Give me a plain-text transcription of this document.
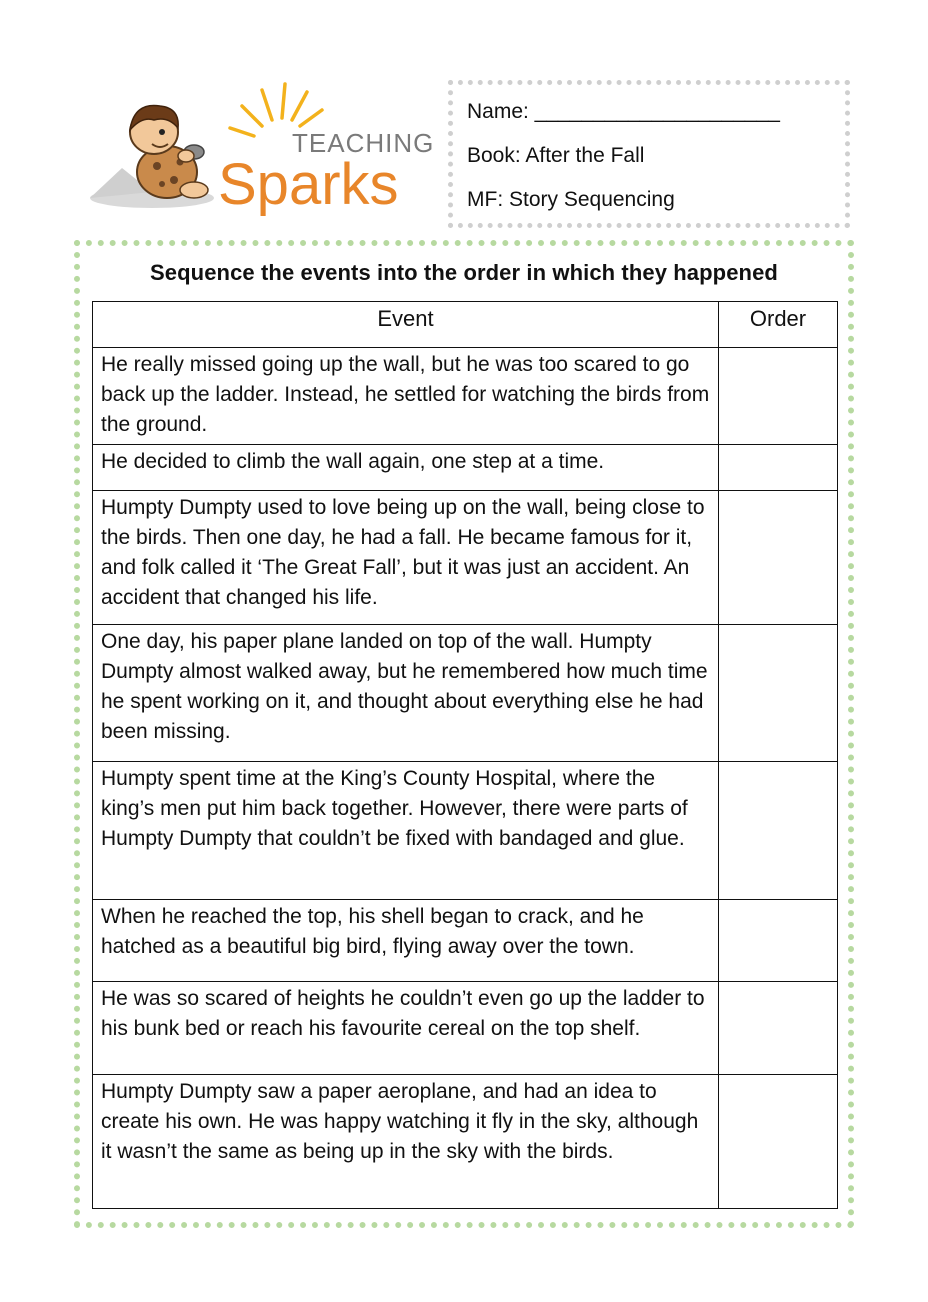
TEACHING
Sparks
Name: _____________________
Book: After the Fall
MF: Story Sequencing
Sequence the events into the order in which they happened
Event	Order
He really missed going up the wall, but he was too scared to go back up the ladder. Instead, he settled for watching the birds from the ground.	
He decided to climb the wall again, one step at a time.	
Humpty Dumpty used to love being up on the wall, being close to the birds. Then one day, he had a fall. He became famous for it, and folk called it ‘The Great Fall’, but it was just an accident. An accident that changed his life.	
One day, his paper plane landed on top of the wall. Humpty Dumpty almost walked away, but he remembered how much time he spent working on it, and thought about everything else he had been missing.	
Humpty spent time at the King’s County Hospital, where the king’s men put him back together. However, there were parts of Humpty Dumpty that couldn’t be fixed with bandaged and glue.	
When he reached the top, his shell began to crack, and he hatched as a beautiful big bird, flying away over the town.	
He was so scared of heights he couldn’t even go up the ladder to his bunk bed or reach his favourite cereal on the top shelf.	
Humpty Dumpty saw a paper aeroplane, and had an idea to create his own. He was happy watching it fly in the sky, although it wasn’t the same as being up in the sky with the birds.	
